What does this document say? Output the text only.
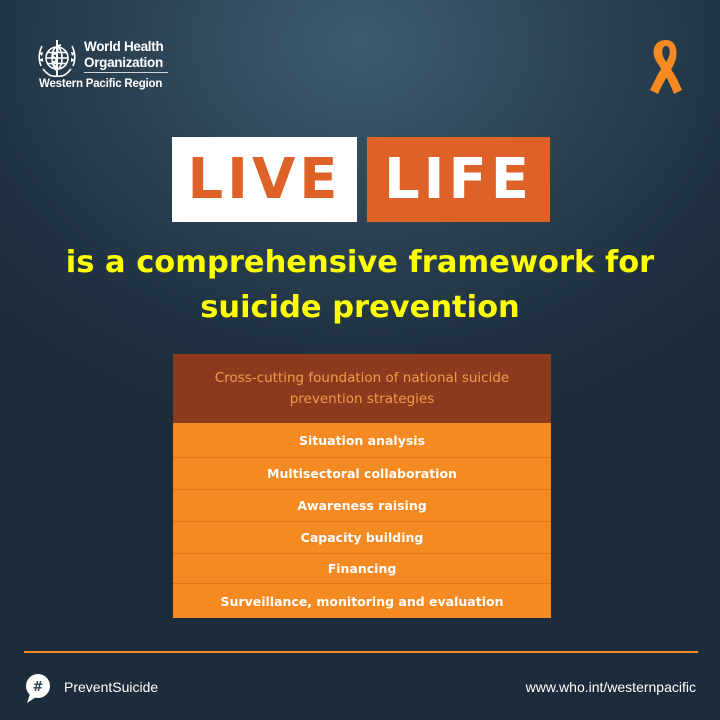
World Health
Organization
Western Pacific Region
LIVE LIFE
is a comprehensive framework for
suicide prevention
Cross-cutting foundation of national suicide
prevention strategies
Situation analysis
Multisectoral collaboration
Awareness raising
Capacity building
Financing
Surveillance, monitoring and evaluation
# PreventSuicide	www.who.int/westernpacific
